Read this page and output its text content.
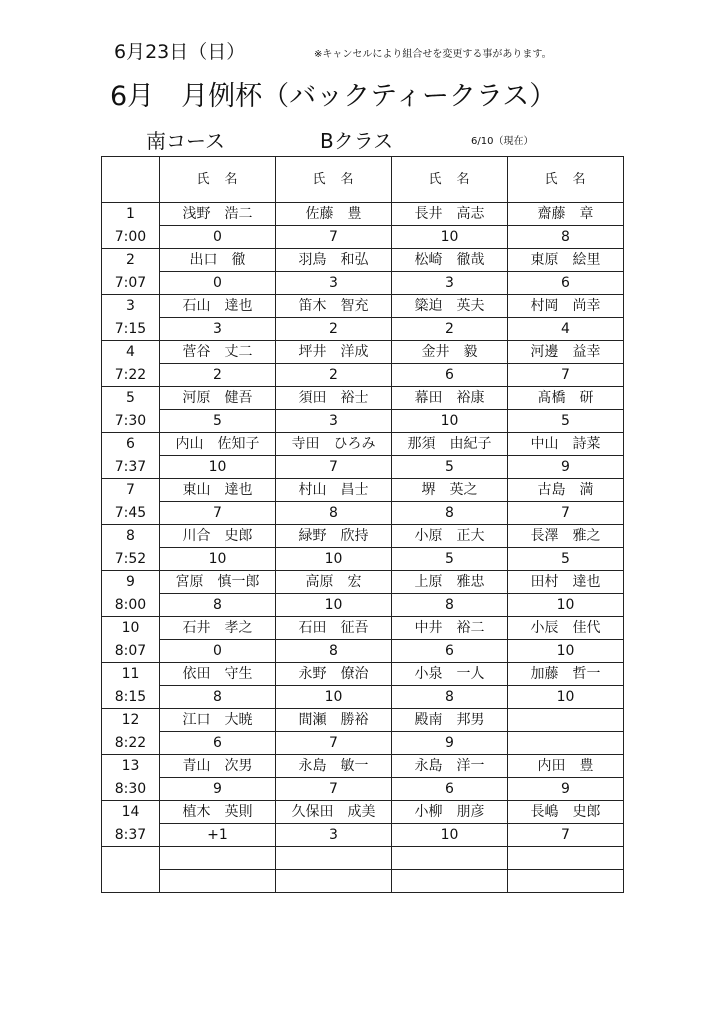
6月23日（日）	※キャンセルにより組合せを変更する事があります。
6月　月例杯（バックティークラス）
南コース	Bクラス	6/10（現在）
	氏　名	氏　名	氏　名	氏　名
1	浅野　浩二	佐藤　豊	長井　高志	齋藤　章
7:00	0	7	10	8
2	出口　徹	羽鳥　和弘	松崎　徹哉	東原　絵里
7:07	0	3	3	6
3	石山　達也	笛木　智充	簗迫　英夫	村岡　尚幸
7:15	3	2	2	4
4	菅谷　丈二	坪井　洋成	金井　毅	河邊　益幸
7:22	2	2	6	7
5	河原　健吾	須田　裕士	幕田　裕康	髙橋　研
7:30	5	3	10	5
6	内山　佐知子	寺田　ひろみ	那須　由紀子	中山　詩菜
7:37	10	7	5	9
7	東山　達也	村山　昌士	堺　英之	古島　満
7:45	7	8	8	7
8	川合　史郎	緑野　欣持	小原　正大	長澤　雅之
7:52	10	10	5	5
9	宮原　慎一郎	高原　宏	上原　雅忠	田村　達也
8:00	8	10	8	10
10	石井　孝之	石田　征吾	中井　裕二	小辰　佳代
8:07	0	8	6	10
11	依田　守生	永野　僚治	小泉　一人	加藤　哲一
8:15	8	10	8	10
12	江口　大暁	間瀬　勝裕	殿南　邦男	
8:22	6	7	9	
13	青山　次男	永島　敏一	永島　洋一	内田　豊
8:30	9	7	6	9
14	植木　英則	久保田　成美	小柳　朋彦	長嶋　史郎
8:37	+1	3	10	7
